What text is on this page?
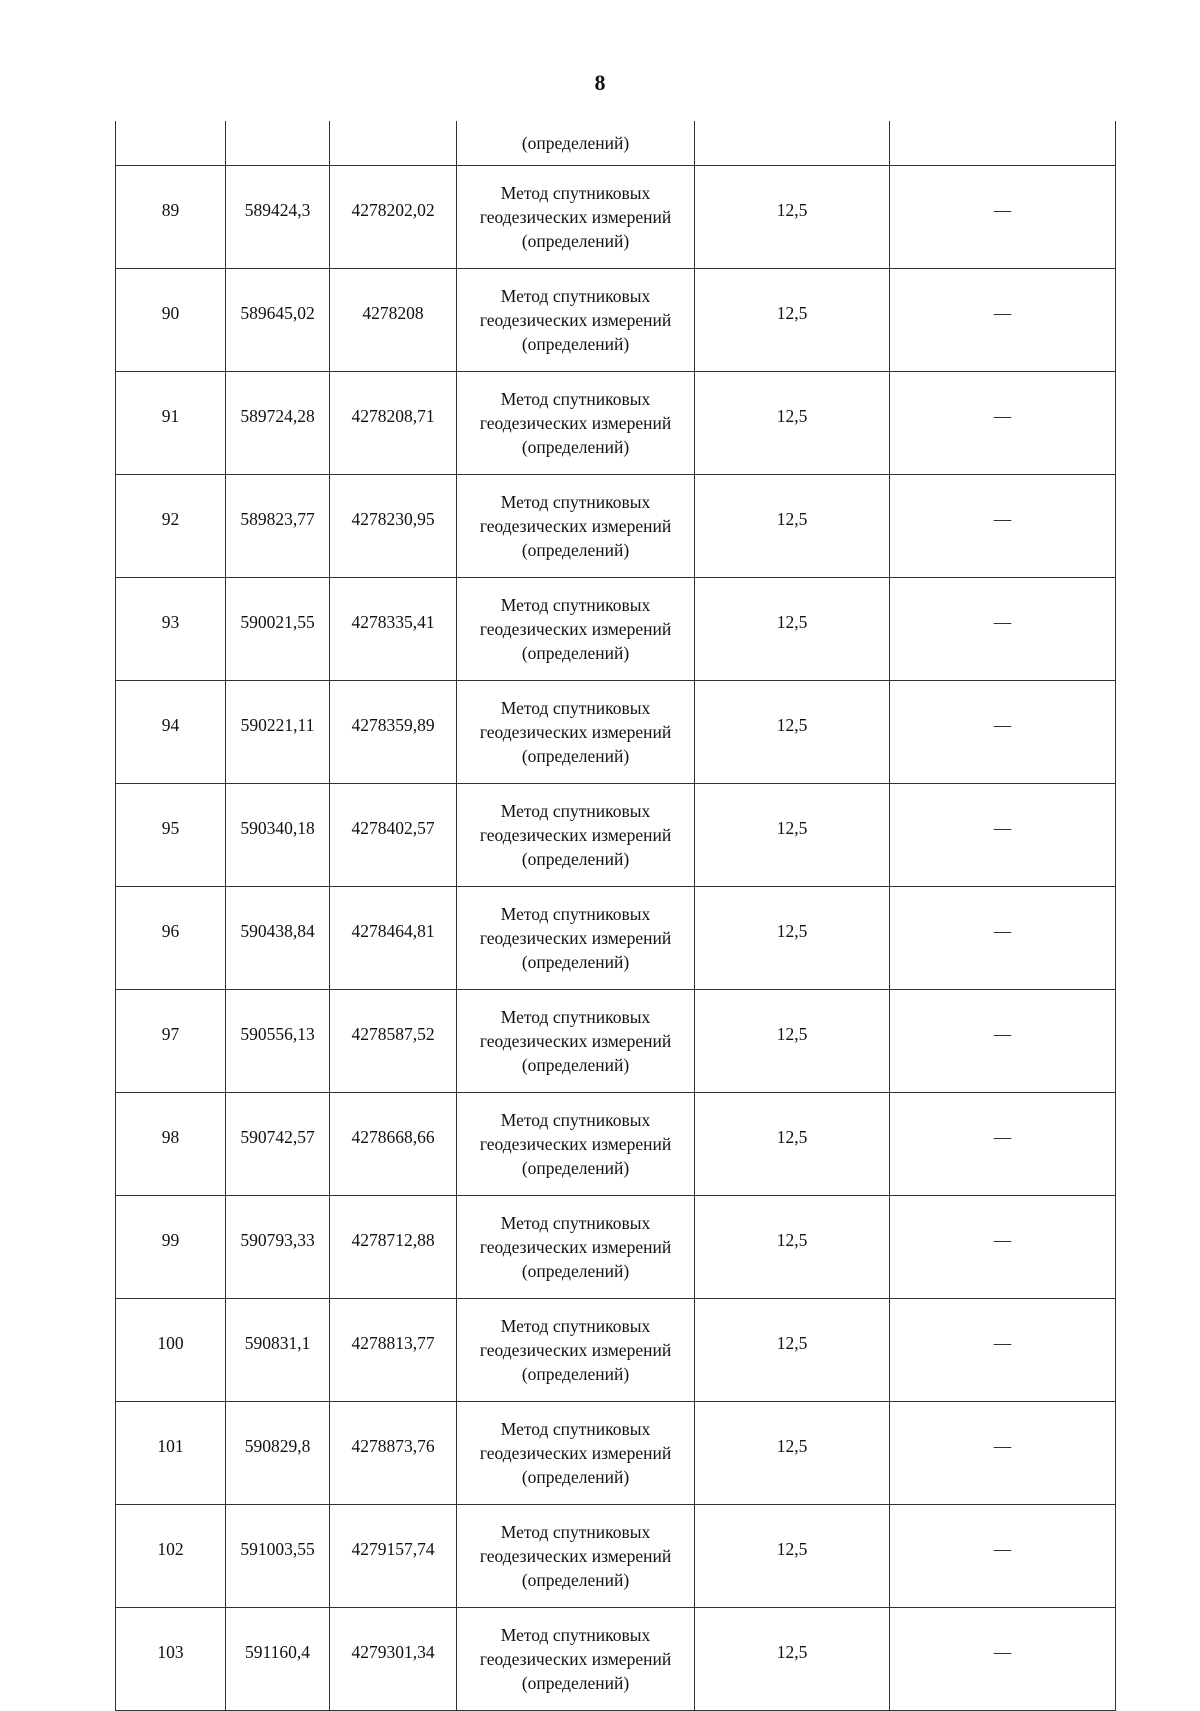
8
			(определений)		
89	589424,3	4278202,02	Метод спутниковых
геодезических измерений
(определений)	12,5	—
90	589645,02	4278208	Метод спутниковых
геодезических измерений
(определений)	12,5	—
91	589724,28	4278208,71	Метод спутниковых
геодезических измерений
(определений)	12,5	—
92	589823,77	4278230,95	Метод спутниковых
геодезических измерений
(определений)	12,5	—
93	590021,55	4278335,41	Метод спутниковых
геодезических измерений
(определений)	12,5	—
94	590221,11	4278359,89	Метод спутниковых
геодезических измерений
(определений)	12,5	—
95	590340,18	4278402,57	Метод спутниковых
геодезических измерений
(определений)	12,5	—
96	590438,84	4278464,81	Метод спутниковых
геодезических измерений
(определений)	12,5	—
97	590556,13	4278587,52	Метод спутниковых
геодезических измерений
(определений)	12,5	—
98	590742,57	4278668,66	Метод спутниковых
геодезических измерений
(определений)	12,5	—
99	590793,33	4278712,88	Метод спутниковых
геодезических измерений
(определений)	12,5	—
100	590831,1	4278813,77	Метод спутниковых
геодезических измерений
(определений)	12,5	—
101	590829,8	4278873,76	Метод спутниковых
геодезических измерений
(определений)	12,5	—
102	591003,55	4279157,74	Метод спутниковых
геодезических измерений
(определений)	12,5	—
103	591160,4	4279301,34	Метод спутниковых
геодезических измерений
(определений)	12,5	—
